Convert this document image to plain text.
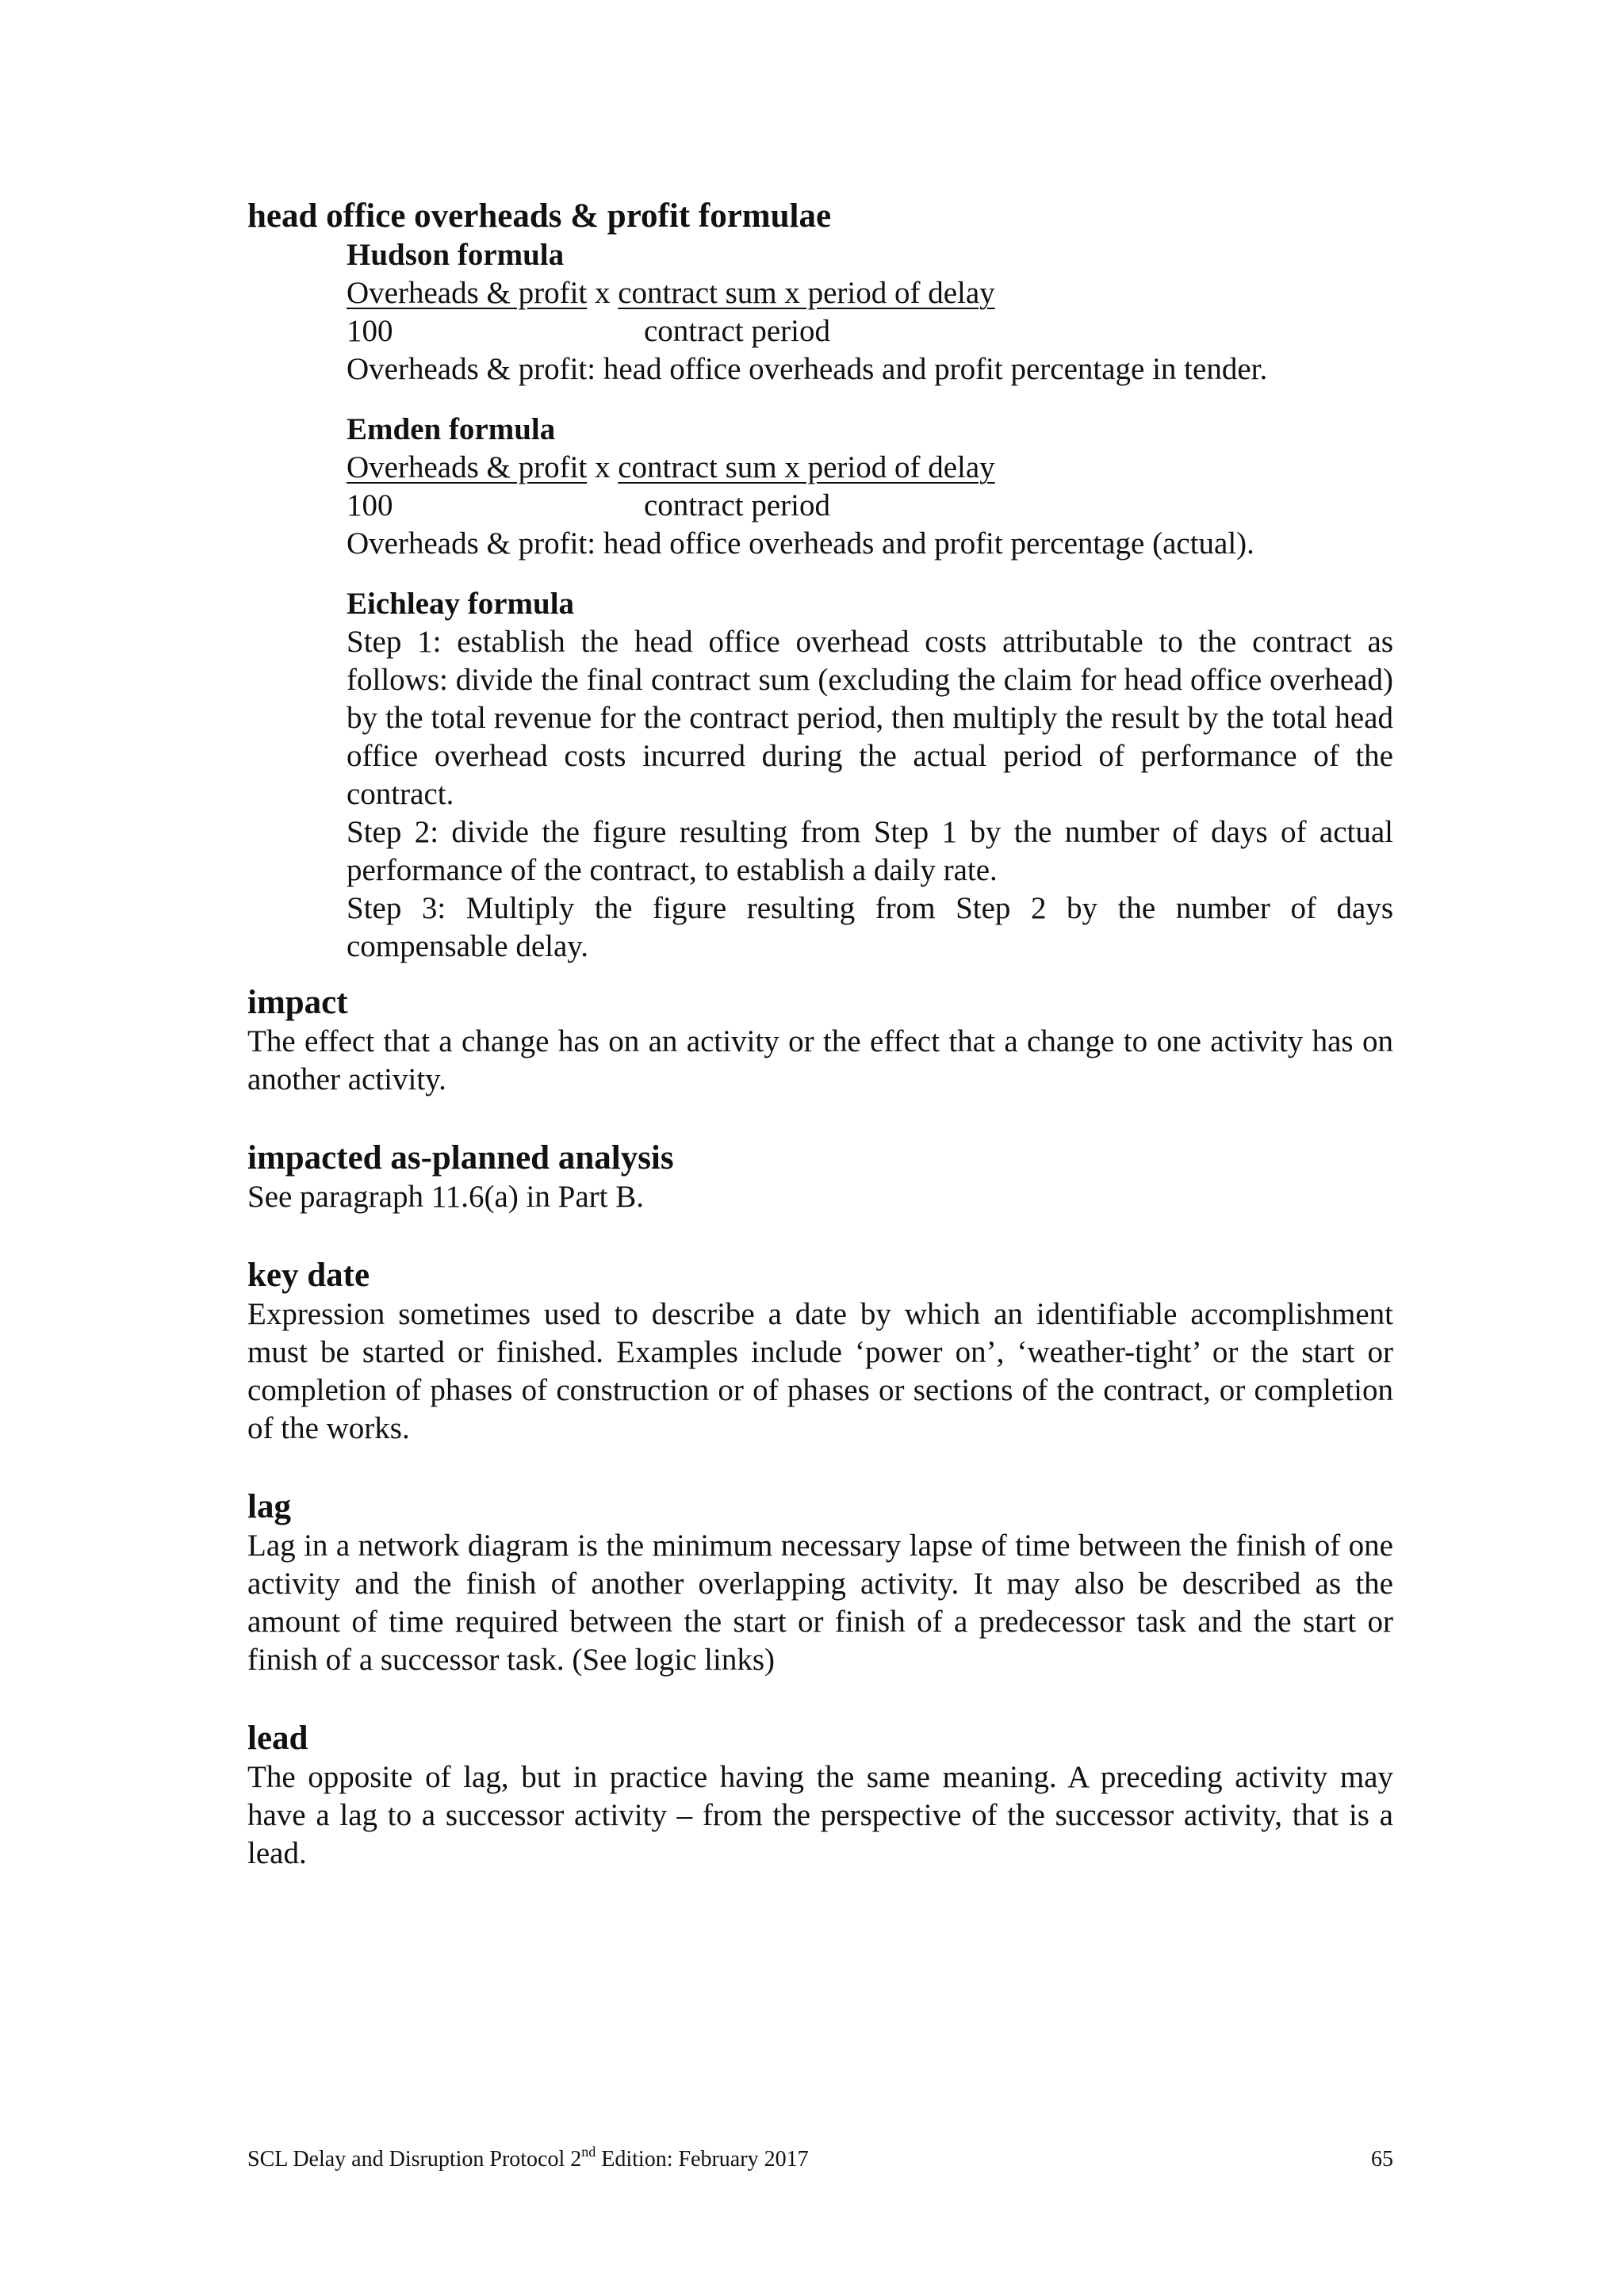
head office overheads & profit formulae

Hudson formula

Overheads & profit x contract sum x period of delay
100	contract period

Overheads & profit: head office overheads and profit percentage in tender.

Emden formula

Overheads & profit x contract sum x period of delay
100	contract period

Overheads & profit: head office overheads and profit percentage (actual).

Eichleay formula

Step 1: establish the head office overhead costs attributable to the contract as follows: divide the final contract sum (excluding the claim for head office overhead) by the total revenue for the contract period, then multiply the result by the total head office overhead costs incurred during the actual period of performance of the contract.

Step 2: divide the figure resulting from Step 1 by the number of days of actual performance of the contract, to establish a daily rate.

Step 3: Multiply the figure resulting from Step 2 by the number of days compensable delay.

impact

The effect that a change has on an activity or the effect that a change to one activity has on another activity.

impacted as-planned analysis

See paragraph 11.6(a) in Part B.

key date

Expression sometimes used to describe a date by which an identifiable accomplishment must be started or finished. Examples include ‘power on’, ‘weather-tight’ or the start or completion of phases of construction or of phases or sections of the contract, or completion of the works.

lag

Lag in a network diagram is the minimum necessary lapse of time between the finish of one activity and the finish of another overlapping activity. It may also be described as the amount of time required between the start or finish of a predecessor task and the start or finish of a successor task. (See logic links)

lead

The opposite of lag, but in practice having the same meaning. A preceding activity may have a lag to a successor activity – from the perspective of the successor activity, that is a lead.

SCL Delay and Disruption Protocol 2nd Edition: February 2017	65
